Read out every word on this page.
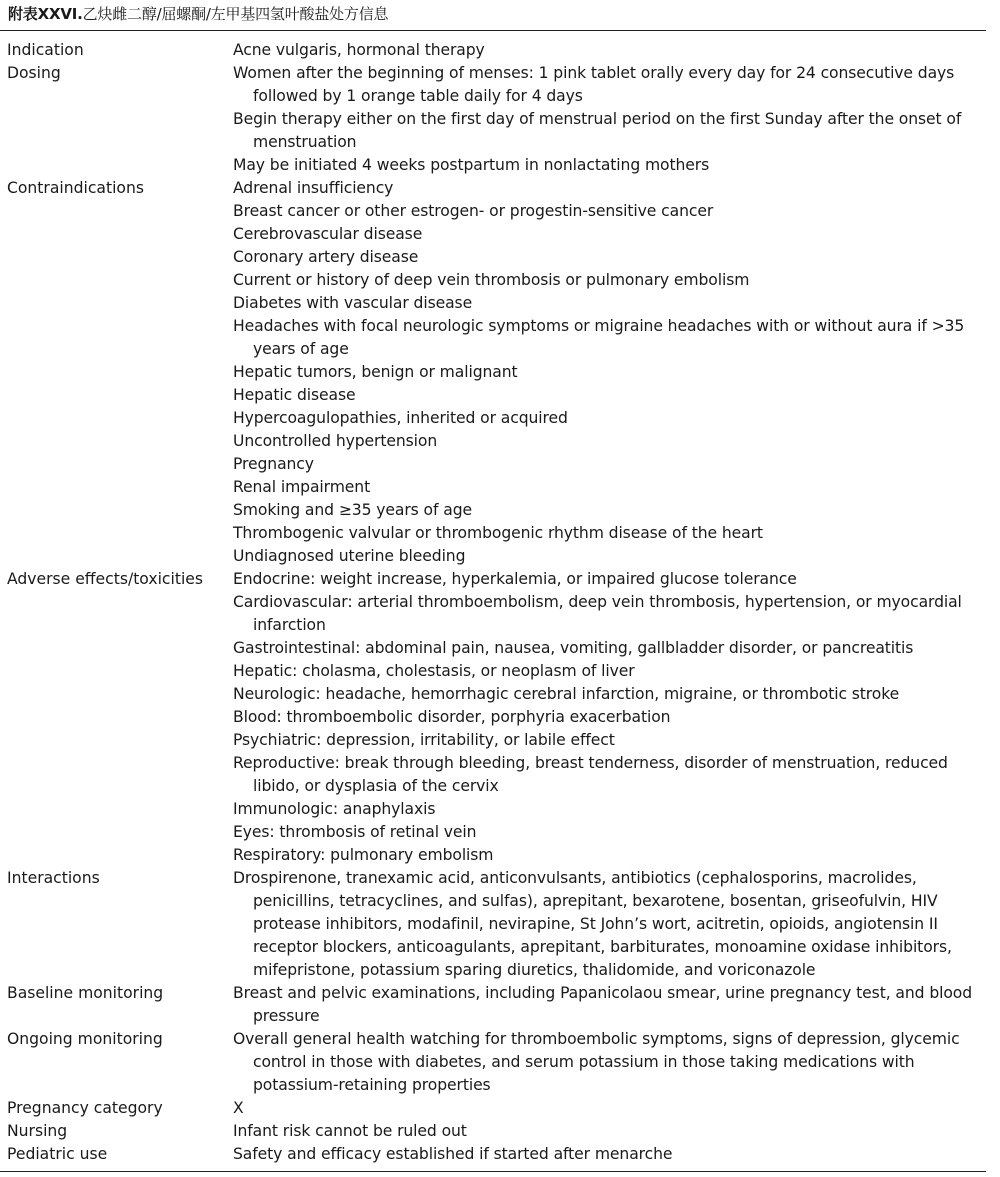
附表XXVI.乙炔雌二醇/屈螺酮/左甲基四氢叶酸盐处方信息
Indication	Acne vulgaris, hormonal therapy
Dosing	Women after the beginning of menses: 1 pink tablet orally every day for 24 consecutive days followed by 1 orange table daily for 4 days
Begin therapy either on the first day of menstrual period on the first Sunday after the onset of menstruation
May be initiated 4 weeks postpartum in nonlactating mothers
Contraindications	Adrenal insufficiency
Breast cancer or other estrogen- or progestin-sensitive cancer
Cerebrovascular disease
Coronary artery disease
Current or history of deep vein thrombosis or pulmonary embolism
Diabetes with vascular disease
Headaches with focal neurologic symptoms or migraine headaches with or without aura if >35 years of age
Hepatic tumors, benign or malignant
Hepatic disease
Hypercoagulopathies, inherited or acquired
Uncontrolled hypertension
Pregnancy
Renal impairment
Smoking and ≥35 years of age
Thrombogenic valvular or thrombogenic rhythm disease of the heart
Undiagnosed uterine bleeding
Adverse effects/toxicities	Endocrine: weight increase, hyperkalemia, or impaired glucose tolerance
Cardiovascular: arterial thromboembolism, deep vein thrombosis, hypertension, or myocardial infarction
Gastrointestinal: abdominal pain, nausea, vomiting, gallbladder disorder, or pancreatitis
Hepatic: cholasma, cholestasis, or neoplasm of liver
Neurologic: headache, hemorrhagic cerebral infarction, migraine, or thrombotic stroke
Blood: thromboembolic disorder, porphyria exacerbation
Psychiatric: depression, irritability, or labile effect
Reproductive: break through bleeding, breast tenderness, disorder of menstruation, reduced libido, or dysplasia of the cervix
Immunologic: anaphylaxis
Eyes: thrombosis of retinal vein
Respiratory: pulmonary embolism
Interactions	Drospirenone, tranexamic acid, anticonvulsants, antibiotics (cephalosporins, macrolides, penicillins, tetracyclines, and sulfas), aprepitant, bexarotene, bosentan, griseofulvin, HIV protease inhibitors, modafinil, nevirapine, St John’s wort, acitretin, opioids, angiotensin II receptor blockers, anticoagulants, aprepitant, barbiturates, monoamine oxidase inhibitors, mifepristone, potassium sparing diuretics, thalidomide, and voriconazole
Baseline monitoring	Breast and pelvic examinations, including Papanicolaou smear, urine pregnancy test, and blood pressure
Ongoing monitoring	Overall general health watching for thromboembolic symptoms, signs of depression, glycemic control in those with diabetes, and serum potassium in those taking medications with potassium-retaining properties
Pregnancy category	X
Nursing	Infant risk cannot be ruled out
Pediatric use	Safety and efficacy established if started after menarche
